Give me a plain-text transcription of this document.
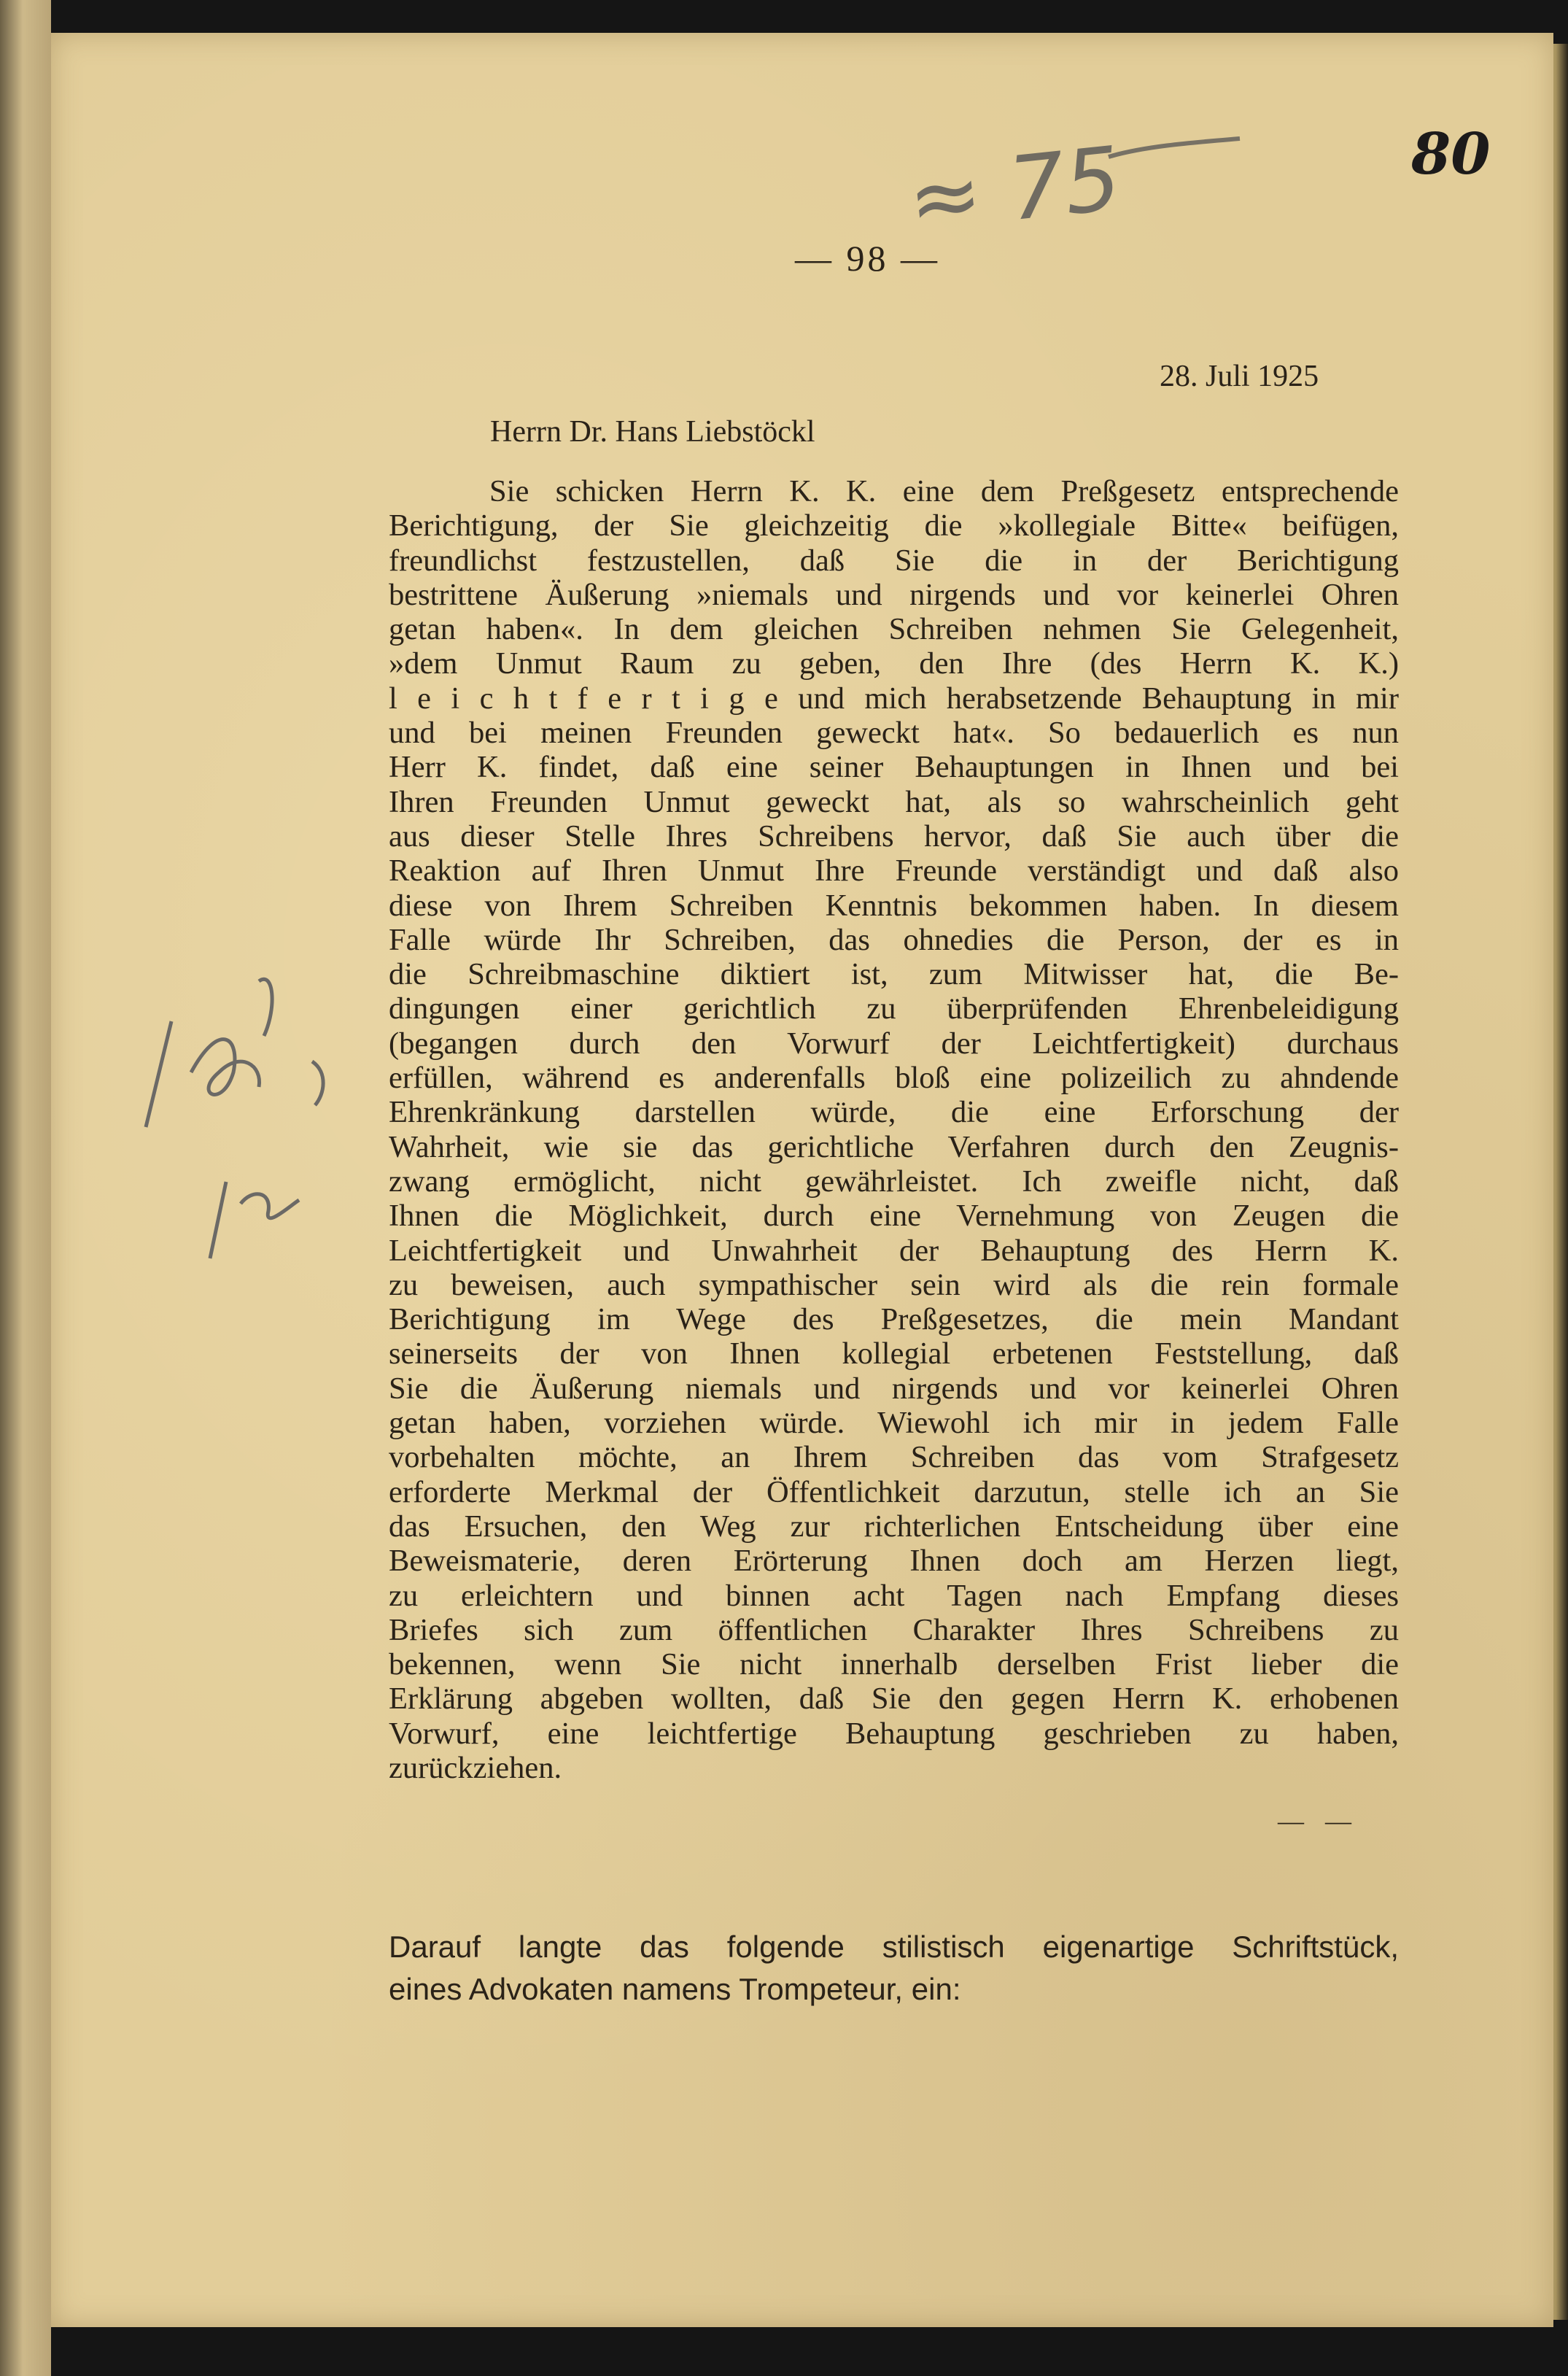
— 98 —
28. Juli 1925
Herrn Dr. Hans Liebstöckl
Sie schicken Herrn K. K. eine dem Preßgesetz entsprechende
Berichtigung, der Sie gleichzeitig die »kollegiale Bitte« beifügen,
freundlichst festzustellen, daß Sie die in der Berichtigung
bestrittene Äußerung »niemals und nirgends und vor keinerlei Ohren
getan haben«. In dem gleichen Schreiben nehmen Sie Gelegenheit,
»dem Unmut Raum zu geben, den Ihre (des Herrn K. K.)
l e i c h t f e r t i g e und mich herabsetzende Behauptung in mir
und bei meinen Freunden geweckt hat«. So bedauerlich es nun
Herr K. findet, daß eine seiner Behauptungen in Ihnen und bei
Ihren Freunden Unmut geweckt hat, als so wahrscheinlich geht
aus dieser Stelle Ihres Schreibens hervor, daß Sie auch über die
Reaktion auf Ihren Unmut Ihre Freunde verständigt und daß also
diese von Ihrem Schreiben Kenntnis bekommen haben. In diesem
Falle würde Ihr Schreiben, das ohnedies die Person, der es in
die Schreibmaschine diktiert ist, zum Mitwisser hat, die Be-
dingungen einer gerichtlich zu überprüfenden Ehrenbeleidigung
(begangen durch den Vorwurf der Leichtfertigkeit) durchaus
erfüllen, während es anderenfalls bloß eine polizeilich zu ahndende
Ehrenkränkung darstellen würde, die eine Erforschung der
Wahrheit, wie sie das gerichtliche Verfahren durch den Zeugnis-
zwang ermöglicht, nicht gewährleistet. Ich zweifle nicht, daß
Ihnen die Möglichkeit, durch eine Vernehmung von Zeugen die
Leichtfertigkeit und Unwahrheit der Behauptung des Herrn K.
zu beweisen, auch sympathischer sein wird als die rein formale
Berichtigung im Wege des Preßgesetzes, die mein Mandant
seinerseits der von Ihnen kollegial erbetenen Feststellung, daß
Sie die Äußerung niemals und nirgends und vor keinerlei Ohren
getan haben, vorziehen würde. Wiewohl ich mir in jedem Falle
vorbehalten möchte, an Ihrem Schreiben das vom Strafgesetz
erforderte Merkmal der Öffentlichkeit darzutun, stelle ich an Sie
das Ersuchen, den Weg zur richterlichen Entscheidung über eine
Beweismaterie, deren Erörterung Ihnen doch am Herzen liegt,
zu erleichtern und binnen acht Tagen nach Empfang dieses
Briefes sich zum öffentlichen Charakter Ihres Schreibens zu
bekennen, wenn Sie nicht innerhalb derselben Frist lieber die
Erklärung abgeben wollten, daß Sie den gegen Herrn K. erhobenen
Vorwurf, eine leichtfertige Behauptung geschrieben zu haben,
zurückziehen.
— —
Darauf langte das folgende stilistisch eigenartige Schriftstück,
eines Advokaten namens Trompeteur, ein:
80
≈ 75
